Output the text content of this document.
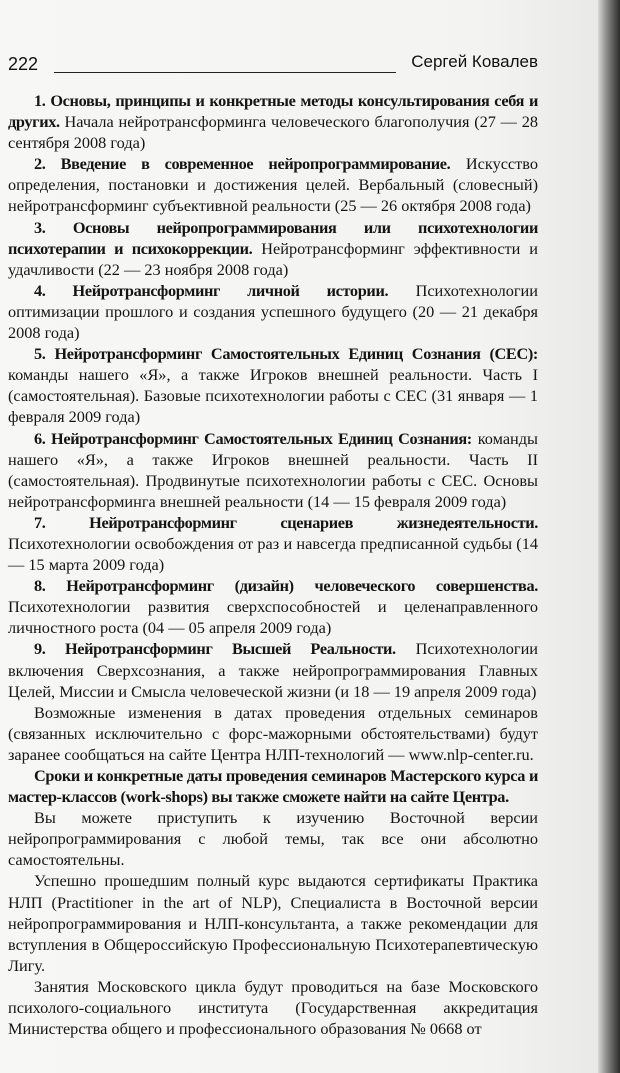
222	Сергей Ковалев

1. Основы, принципы и конкретные методы консультирования себя и других. Начала нейротрансформинга человеческого благополучия (27 — 28 сентября 2008 года)

2. Введение в современное нейропрограммирование. Искусство определения, постановки и достижения целей. Вербальный (словесный) нейротрансформинг субъективной реальности (25 — 26 октября 2008 года)

3. Основы нейропрограммирования или психотехнологии психотерапии и психокоррекции. Нейротрансформинг эффективности и удачливости (22 — 23 ноября 2008 года)

4. Нейротрансформинг личной истории. Психотехнологии оптимизации прошлого и создания успешного будущего (20 — 21 декабря 2008 года)

5. Нейротрансформинг Самостоятельных Единиц Сознания (СЕС): команды нашего «Я», а также Игроков внешней реальности. Часть I (самостоятельная). Базовые психотехнологии работы с СЕС (31 января — 1 февраля 2009 года)

6. Нейротрансформинг Самостоятельных Единиц Сознания: команды нашего «Я», а также Игроков внешней реальности. Часть II (самостоятельная). Продвинутые психотехнологии работы с СЕС. Основы нейротрансформинга внешней реальности (14 — 15 февраля 2009 года)

7. Нейротрансформинг сценариев жизнедеятельности. Психотехнологии освобождения от раз и навсегда предписанной судьбы (14 — 15 марта 2009 года)

8. Нейротрансформинг (дизайн) человеческого совершенства. Психотехнологии развития сверхспособностей и целенаправленного личностного роста (04 — 05 апреля 2009 года)

9. Нейротрансформинг Высшей Реальности. Психотехнологии включения Сверхсознания, а также нейропрограммирования Главных Целей, Миссии и Смысла человеческой жизни (и 18 — 19 апреля 2009 года)

Возможные изменения в датах проведения отдельных семинаров (связанных исключительно с форс-мажорными обстоятельствами) будут заранее сообщаться на сайте Центра НЛП-технологий — www.nlp-center.ru.

Сроки и конкретные даты проведения семинаров Мастерского курса и мастер-классов (work-shops) вы также сможете найти на сайте Центра.

Вы можете приступить к изучению Восточной версии нейропрограммирования с любой темы, так все они абсолютно самостоятельны.

Успешно прошедшим полный курс выдаются сертификаты Практика НЛП (Practitioner in the art of NLP), Специалиста в Восточной версии нейропрограммирования и НЛП-консультанта, а также рекомендации для вступления в Общероссийскую Профессиональную Психотерапевтическую Лигу.

Занятия Московского цикла будут проводиться на базе Московского психолого-социального института (Государственная аккредитация Министерства общего и профессионального образования № 0668 от
